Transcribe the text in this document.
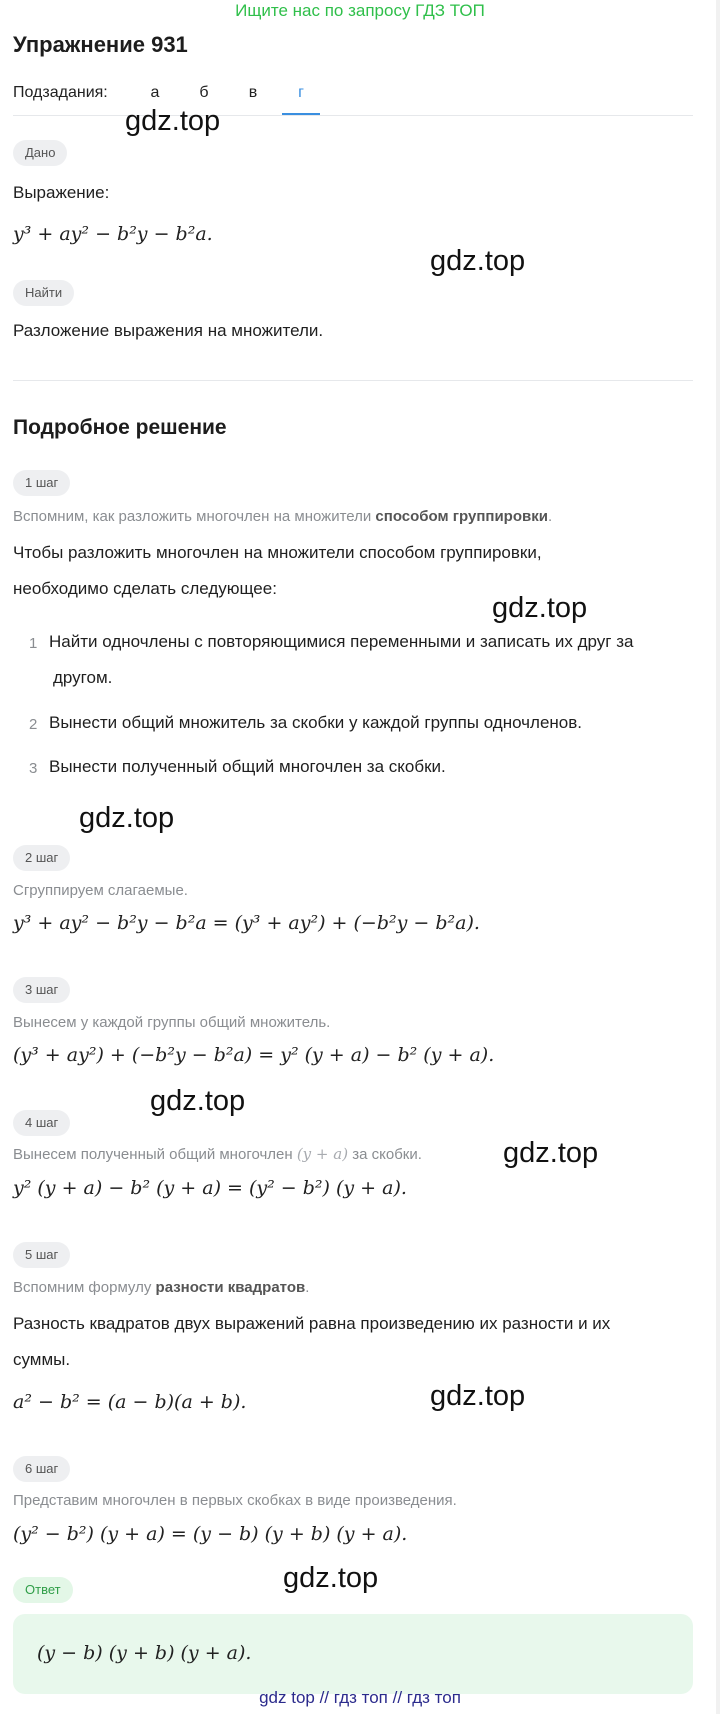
Ищите нас по запросу ГДЗ ТОП
Упражнение 931
Подзадания:	а	б	в	г
Дано
Выражение:
y³ + ay² − b²y − b²a.
Найти
Разложение выражения на множители.
Подробное решение
1 шаг
Вспомним, как разложить многочлен на множители способом группировки.
Чтобы разложить многочлен на множители способом группировки,
необходимо сделать следующее:
1 Найти одночлены с повторяющимися переменными и записать их друг за
другом.
2 Вынести общий множитель за скобки у каждой группы одночленов.
3 Вынести полученный общий многочлен за скобки.
2 шаг
Сгруппируем слагаемые.
y³ + ay² − b²y − b²a = (y³ + ay²) + (−b²y − b²a).
3 шаг
Вынесем у каждой группы общий множитель.
(y³ + ay²) + (−b²y − b²a) = y² (y + a) − b² (y + a).
4 шаг
Вынесем полученный общий многочлен (y + a) за скобки.
y² (y + a) − b² (y + a) = (y² − b²) (y + a).
5 шаг
Вспомним формулу разности квадратов.
Разность квадратов двух выражений равна произведению их разности и их
суммы.
a² − b² = (a − b)(a + b).
6 шаг
Представим многочлен в первых скобках в виде произведения.
(y² − b²) (y + a) = (y − b) (y + b) (y + a).
Ответ
(y − b) (y + b) (y + a).
gdz.top
gdz.top
gdz.top
gdz.top
gdz.top
gdz.top
gdz.top
gdz.top
gdz top // гдз топ // гдз топ
